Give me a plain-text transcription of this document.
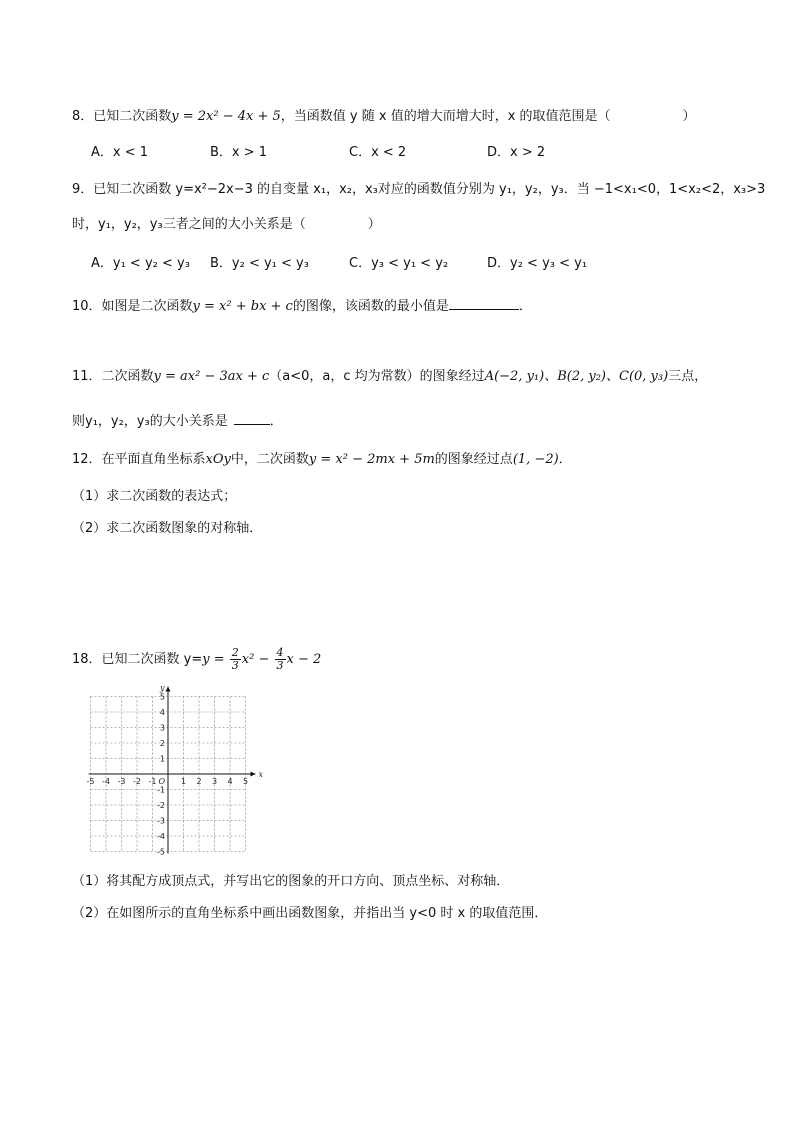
8．已知二次函数y = 2x² − 4x + 5，当函数值 y 随 x 值的增大而增大时，x 的取值范围是（	）
A．x < 1	B．x > 1	C．x < 2	D．x > 2
9．已知二次函数 y=x²−2x−3 的自变量 x₁，x₂，x₃对应的函数值分别为 y₁，y₂，y₃．当 −1<x₁<0，1<x₂<2，x₃>3
时，y₁，y₂，y₃三者之间的大小关系是（	）
A．y₁ < y₂ < y₃ B．y₂ < y₁ < y₃	C．y₃ < y₁ < y₂	D．y₂ < y₃ < y₁
10．如图是二次函数y = x² + bx + c的图像，该函数的最小值是	．
11．二次函数y = ax² − 3ax + c（a<0，a，c 均为常数）的图象经过A(−2, y₁)、B(2, y₂)、C(0, y₃)三点，
则y₁，y₂，y₃的大小关系是	．
12．在平面直角坐标系xOy中，二次函数y = x² − 2mx + 5m的图象经过点(1, −2)．
（1）求二次函数的表达式；
（2）求二次函数图象的对称轴．
18．已知二次函数 $y=y = \frac{2}{3} x^2 - \frac{4}{3}$ x − 2
-5 -4 -3 -2 -1	1 2 3 4 5
5
4
3
2
1
-1
-2
-3
-4
-5
O
x
y
（1）将其配方成顶点式，并写出它的图象的开口方向、顶点坐标、对称轴．
（2）在如图所示的直角坐标系中画出函数图象，并指出当 y<0 时 x 的取值范围．
